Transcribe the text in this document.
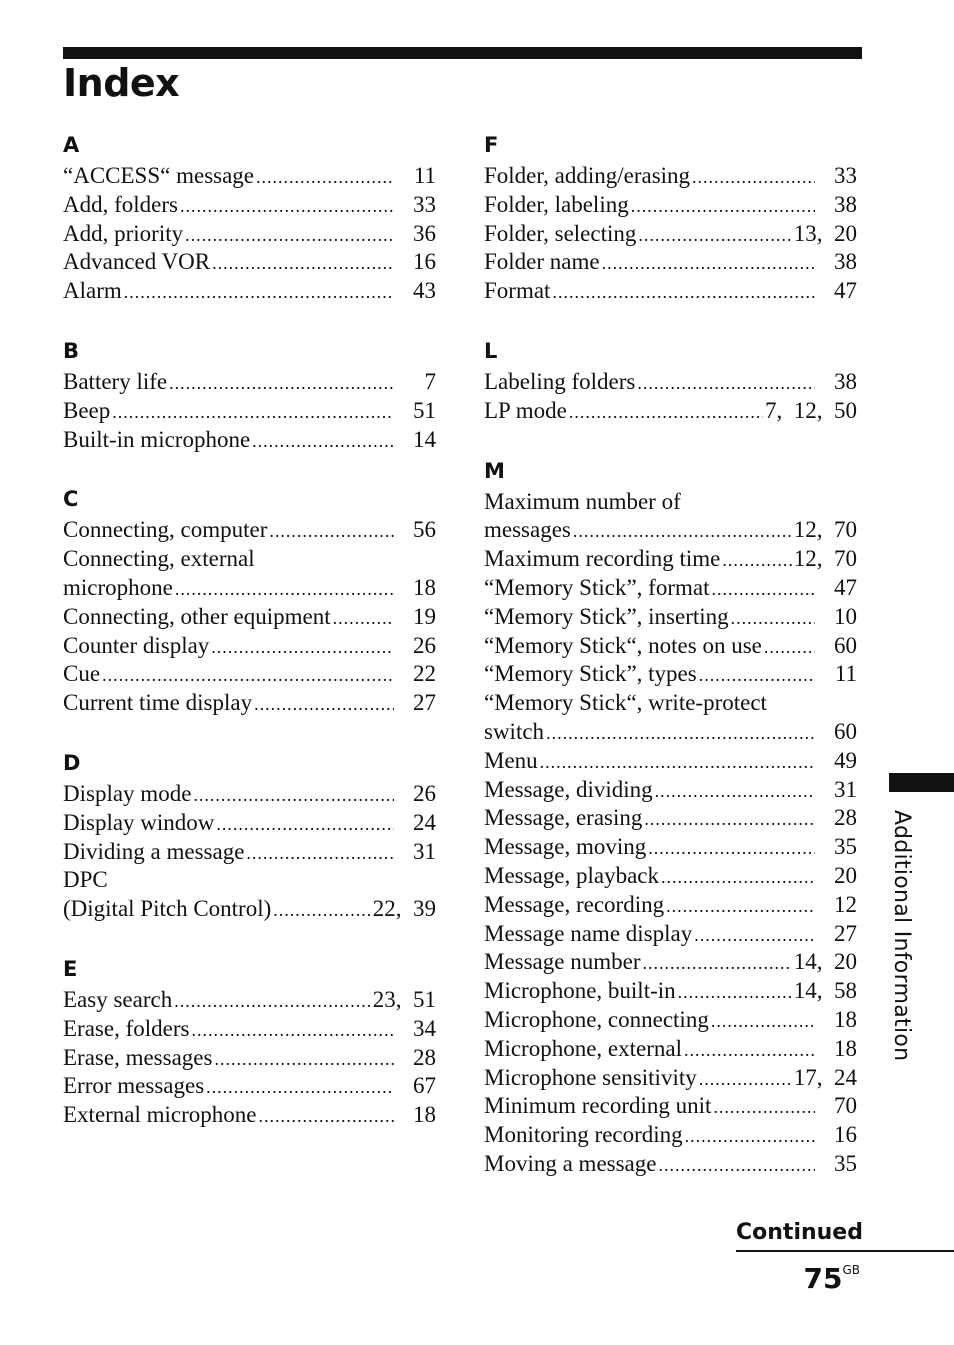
Index
A
“ACCESS“ message .....	11
Add, folders .....	33
Add, priority .....	36
Advanced VOR .....	16
Alarm .....	43
B
Battery life .....	7
Beep .....	51
Built-in microphone .....	14
C
Connecting, computer .....	56
Connecting, external
microphone .....	18
Connecting, other equipment .....	19
Counter display .....	26
Cue .....	22
Current time display .....	27
D
Display mode .....	26
Display window .....	24
Dividing a message .....	31
DPC
(Digital Pitch Control) .....	22,  39
E
Easy search .....	23,  51
Erase, folders .....	34
Erase, messages .....	28
Error messages .....	67
External microphone .....	18
F
Folder, adding/erasing .....	33
Folder, labeling .....	38
Folder, selecting .....	13,  20
Folder name .....	38
Format .....	47
L
Labeling folders .....	38
LP mode .....	7,  12,  50
M
Maximum number of
messages .....	12,  70
Maximum recording time .....	12,  70
“Memory Stick”, format .....	47
“Memory Stick”, inserting .....	10
“Memory Stick“, notes on use .....	60
“Memory Stick”, types .....	11
“Memory Stick“, write-protect
switch .....	60
Menu .....	49
Message, dividing .....	31
Message, erasing .....	28
Message, moving .....	35
Message, playback .....	20
Message, recording .....	12
Message name display .....	27
Message number .....	14,  20
Microphone, built-in .....	14,  58
Microphone, connecting .....	18
Microphone, external .....	18
Microphone sensitivity .....	17,  24
Minimum recording unit .....	70
Monitoring recording .....	16
Moving a message .....	35
Additional Information
Continued
$75^{GB}$
